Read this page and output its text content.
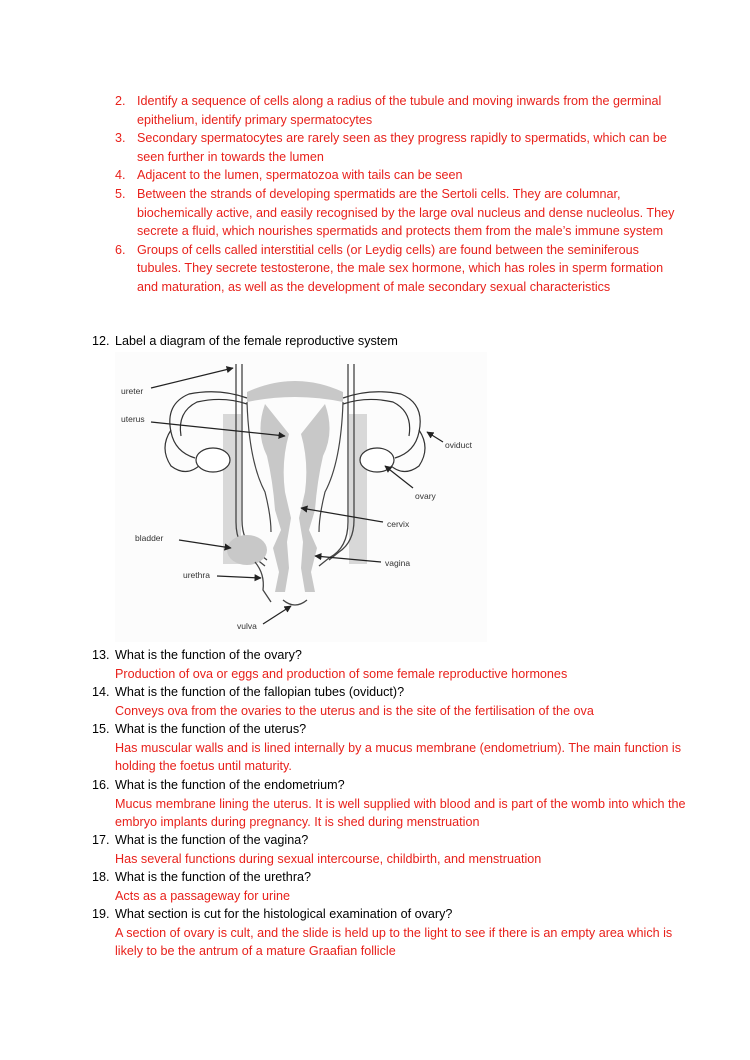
2. Identify a sequence of cells along a radius of the tubule and moving inwards from the germinal epithelium, identify primary spermatocytes
3. Secondary spermatocytes are rarely seen as they progress rapidly to spermatids, which can be seen further in towards the lumen
4. Adjacent to the lumen, spermatozoa with tails can be seen
5. Between the strands of developing spermatids are the Sertoli cells. They are columnar, biochemically active, and easily recognised by the large oval nucleus and dense nucleolus. They secrete a fluid, which nourishes spermatids and protects them from the male’s immune system
6. Groups of cells called interstitial cells (or Leydig cells) are found between the seminiferous tubules. They secrete testosterone, the male sex hormone, which has roles in sperm formation and maturation, as well as the development of male secondary sexual characteristics
12. Label a diagram of the female reproductive system
ureter
uterus
oviduct
ovary
cervix
bladder
vagina
urethra
vulva
13. What is the function of the ovary?
Production of ova or eggs and production of some female reproductive hormones
14. What is the function of the fallopian tubes (oviduct)?
Conveys ova from the ovaries to the uterus and is the site of the fertilisation of the ova
15. What is the function of the uterus?
Has muscular walls and is lined internally by a mucus membrane (endometrium). The main function is holding the foetus until maturity.
16. What is the function of the endometrium?
Mucus membrane lining the uterus. It is well supplied with blood and is part of the womb into which the embryo implants during pregnancy. It is shed during menstruation
17. What is the function of the vagina?
Has several functions during sexual intercourse, childbirth, and menstruation
18. What is the function of the urethra?
Acts as a passageway for urine
19. What section is cut for the histological examination of ovary?
A section of ovary is cult, and the slide is held up to the light to see if there is an empty area which is likely to be the antrum of a mature Graafian follicle
